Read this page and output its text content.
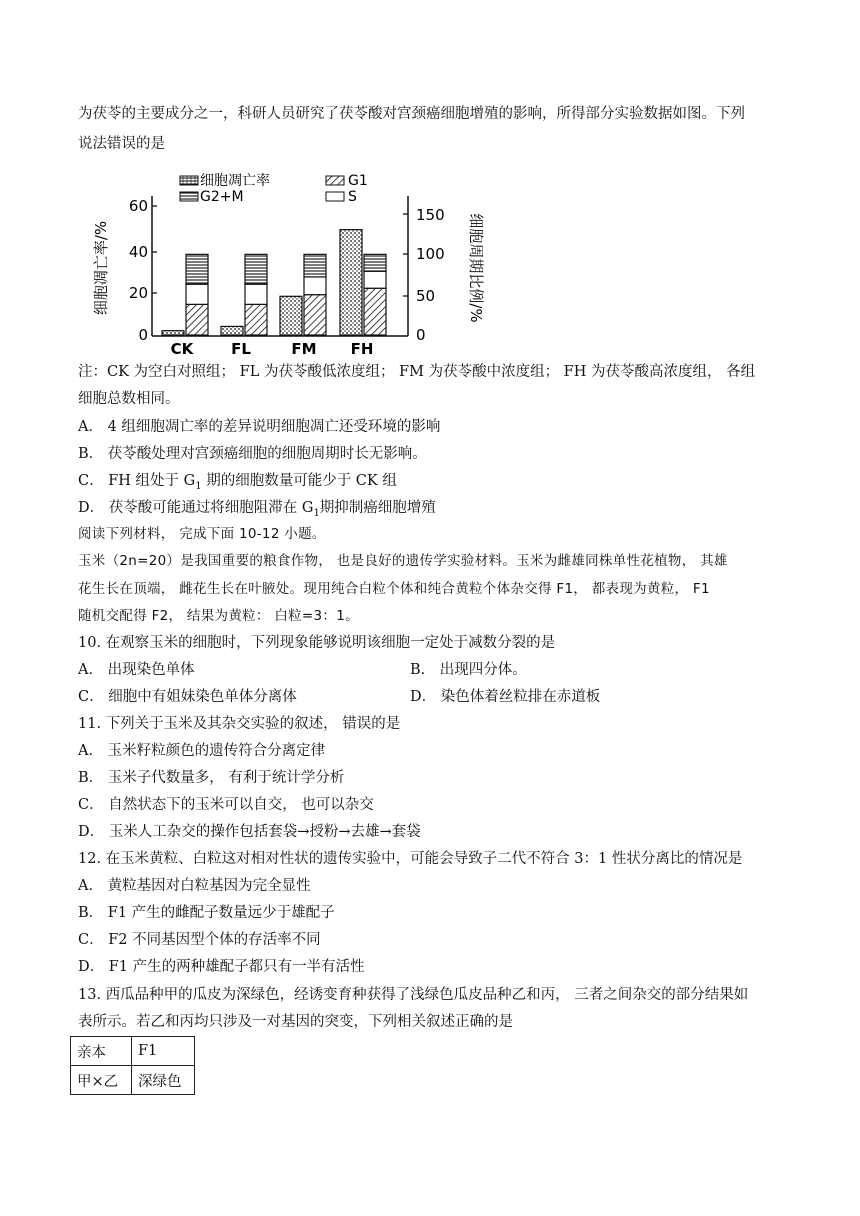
为茯苓的主要成分之一，科研人员研究了茯苓酸对宫颈癌细胞增殖的影响，所得部分实验数据如图。下列
说法错误的是
细胞凋亡率	G1
G2+M	S
细胞凋亡率/%	细胞周期比例/%
60
40
20
0
150
100
50
0
CK	FL	FM FH
注：CK 为空白对照组； FL 为茯苓酸低浓度组； FM 为茯苓酸中浓度组； FH 为茯苓酸高浓度组， 各组
细胞总数相同。
A． 4 组细胞凋亡率的差异说明细胞凋亡还受环境的影响
B． 茯苓酸处理对宫颈癌细胞的细胞周期时长无影响。
C． FH 组处于 $G_1$ 期的细胞数量可能少于 CK 组
D． 茯苓酸可能通过将细胞阻滞在 $G_1$期抑制癌细胞增殖
阅读下列材料， 完成下面 10-12 小题。
玉米（2n=20）是我国重要的粮食作物， 也是良好的遗传学实验材料。玉米为雌雄同株单性花植物， 其雄
花生长在顶端， 雌花生长在叶腋处。现用纯合白粒个体和纯合黄粒个体杂交得 F1， 都表现为黄粒， F1
随机交配得 F2， 结果为黄粒： 白粒=3：1。
10. 在观察玉米的细胞时，下列现象能够说明该细胞一定处于减数分裂的是
A． 出现染色单体	B． 出现四分体。
C． 细胞中有姐妹染色单体分离体	D． 染色体着丝粒排在赤道板
11. 下列关于玉米及其杂交实验的叙述， 错误的是
A． 玉米籽粒颜色的遗传符合分离定律
B． 玉米子代数量多， 有利于统计学分析
C． 自然状态下的玉米可以自交， 也可以杂交
D． 玉米人工杂交的操作包括套袋→授粉→去雄→套袋
12. 在玉米黄粒、白粒这对相对性状的遗传实验中，可能会导致子二代不符合 3：1 性状分离比的情况是
A． 黄粒基因对白粒基因为完全显性
B． F1 产生的雌配子数量远少于雄配子
C． F2 不同基因型个体的存活率不同
D． F1 产生的两种雄配子都只有一半有活性
13. 西瓜品种甲的瓜皮为深绿色，经诱变育种获得了浅绿色瓜皮品种乙和丙， 三者之间杂交的部分结果如
表所示。若乙和丙均只涉及一对基因的突变，下列相关叙述正确的是
亲本	F1
甲×乙	深绿色
